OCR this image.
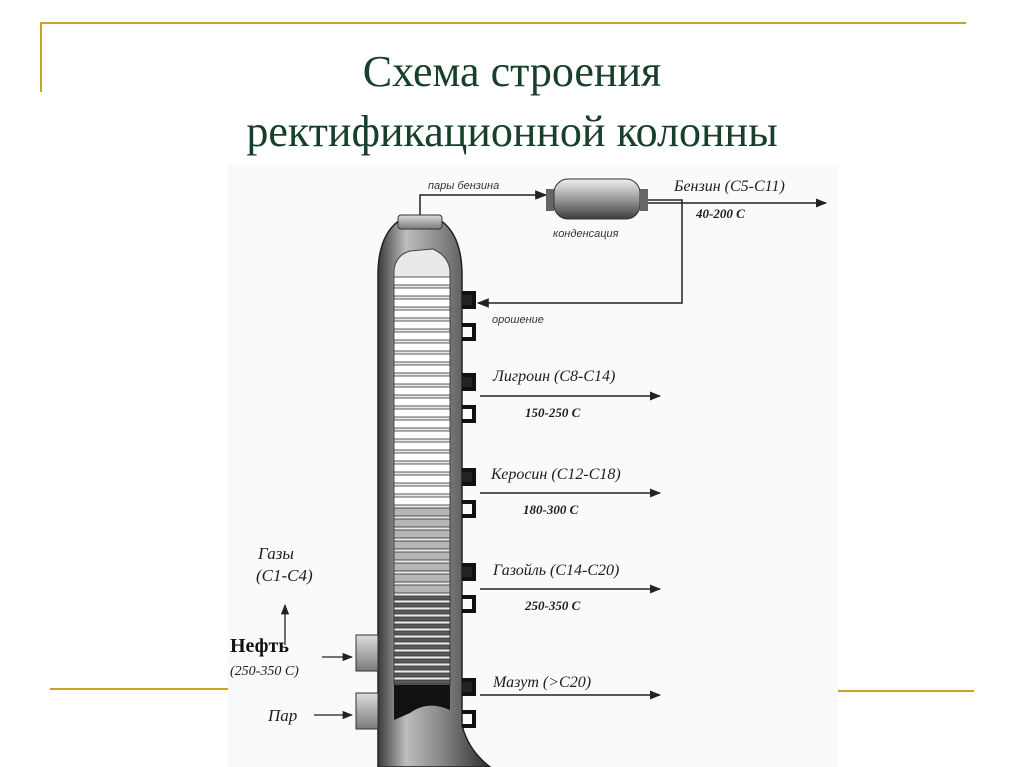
Схема строения
ректификационной колонны
пары бензина
конденсация
орошение
Бензин (C5-C11)
40-200 C
Лигроин (C8-C14)
150-250 C
Керосин (C12-C18)
180-300 C
Газойль (C14-C20)
250-350 C
Мазут (>C20)
Газы
(C1-C4)
Нефть
(250-350 C)
Пар
